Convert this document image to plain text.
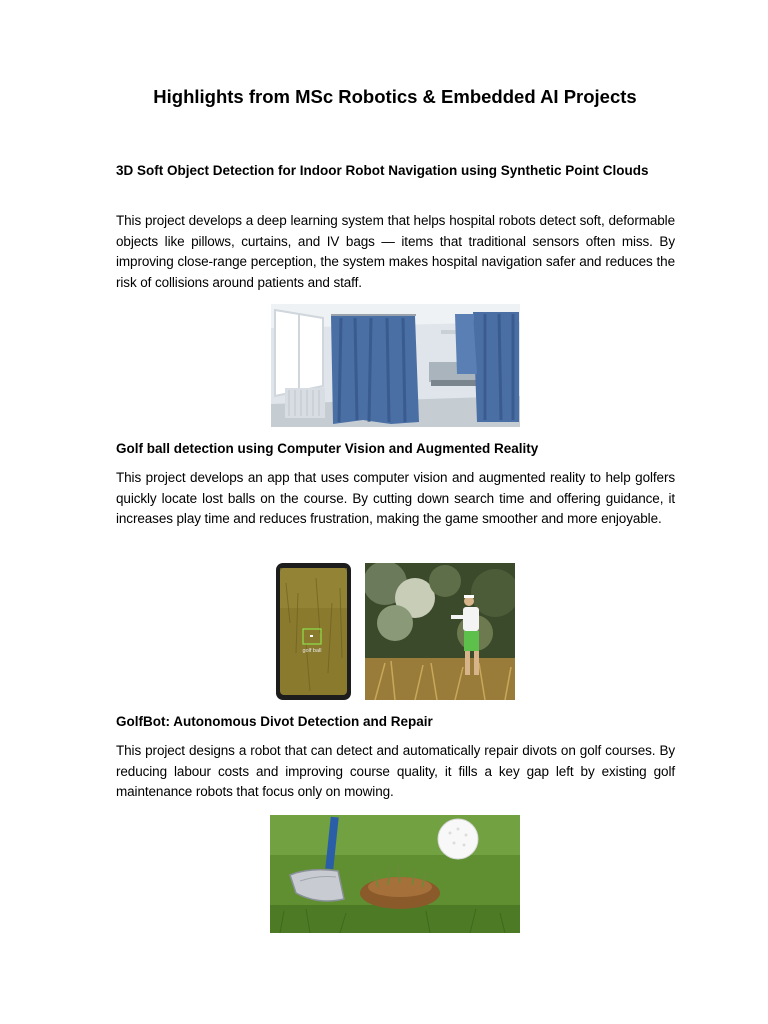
Highlights from MSc Robotics & Embedded AI Projects
3D Soft Object Detection for Indoor Robot Navigation using Synthetic Point Clouds

This project develops a deep learning system that helps hospital robots detect soft, deformable objects like pillows, curtains, and IV bags — items that traditional sensors often miss. By improving close-range perception, the system makes hospital navigation safer and reduces the risk of collisions around patients and staff.

Golf ball detection using Computer Vision and Augmented Reality

This project develops an app that uses computer vision and augmented reality to help golfers quickly locate lost balls on the course. By cutting down search time and offering guidance, it increases play time and reduces frustration, making the game smoother and more enjoyable.

golf ball
GolfBot: Autonomous Divot Detection and Repair

This project designs a robot that can detect and automatically repair divots on golf courses. By reducing labour costs and improving course quality, it fills a key gap left by existing golf maintenance robots that focus only on mowing.
